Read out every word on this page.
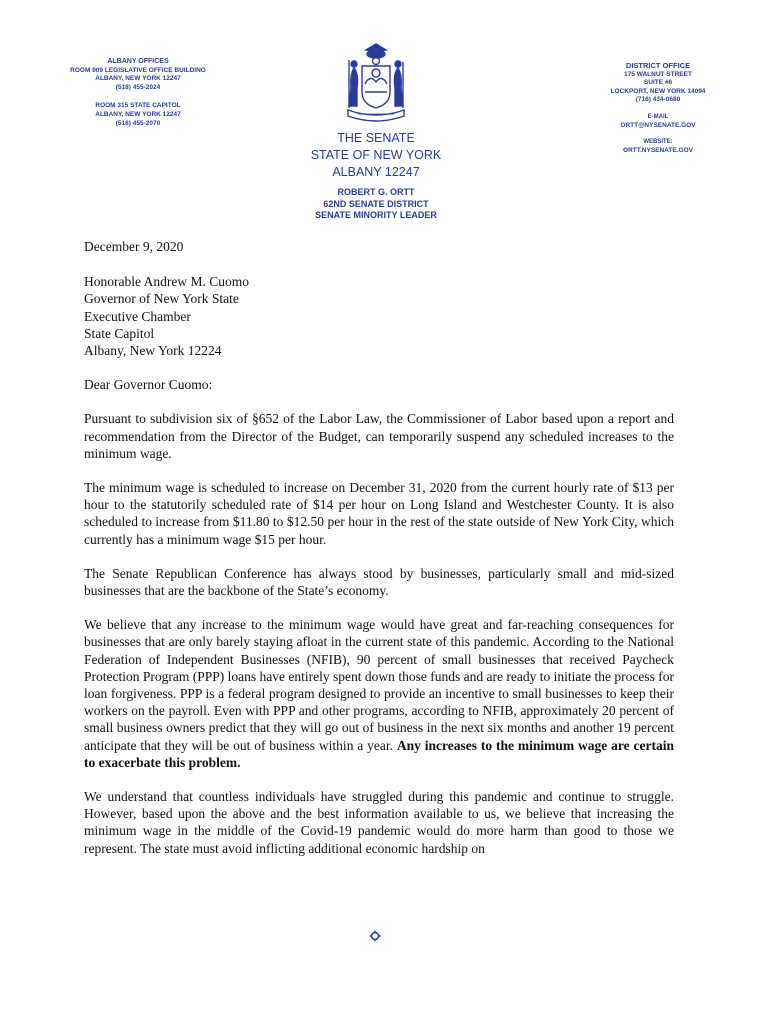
ALBANY OFFICES
ROOM 909 LEGISLATIVE OFFICE BUILDING
ALBANY, NEW YORK 12247
(518) 455-2024
ROOM 315 STATE CAPITOL
ALBANY, NEW YORK 12247
(518) 455-2070
THE SENATE
STATE OF NEW YORK
ALBANY 12247
ROBERT G. ORTT
62ND SENATE DISTRICT
SENATE MINORITY LEADER
DISTRICT OFFICE
175 WALNUT STREET
SUITE #6
LOCKPORT, NEW YORK 14094
(716) 434-0680
E-MAIL
ORTT@NYSENATE.GOV
WEBSITE:
ORTT.NYSENATE.GOV

December 9, 2020

Honorable Andrew M. Cuomo

Governor of New York State

Executive Chamber

State Capitol

Albany, New York 12224

Dear Governor Cuomo:

Pursuant to subdivision six of §652 of the Labor Law, the Commissioner of Labor based upon a report and recommendation from the Director of the Budget, can temporarily suspend any scheduled increases to the minimum wage.

The minimum wage is scheduled to increase on December 31, 2020 from the current hourly rate of $13 per hour to the statutorily scheduled rate of $14 per hour on Long Island and Westchester County. It is also scheduled to increase from $11.80 to $12.50 per hour in the rest of the state outside of New York City, which currently has a minimum wage $15 per hour.

The Senate Republican Conference has always stood by businesses, particularly small and mid-sized businesses that are the backbone of the State’s economy.

We believe that any increase to the minimum wage would have great and far-reaching consequences for businesses that are only barely staying afloat in the current state of this pandemic. According to the National Federation of Independent Businesses (NFIB), 90 percent of small businesses that received Paycheck Protection Program (PPP) loans have entirely spent down those funds and are ready to initiate the process for loan forgiveness. PPP is a federal program designed to provide an incentive to small businesses to keep their workers on the payroll. Even with PPP and other programs, according to NFIB, approximately 20 percent of small business owners predict that they will go out of business in the next six months and another 19 percent anticipate that they will be out of business within a year. Any increases to the minimum wage are certain to exacerbate this problem.

We understand that countless individuals have struggled during this pandemic and continue to struggle. However, based upon the above and the best information available to us, we believe that increasing the minimum wage in the middle of the Covid-19 pandemic would do more harm than good to those we represent. The state must avoid inflicting additional economic hardship on
